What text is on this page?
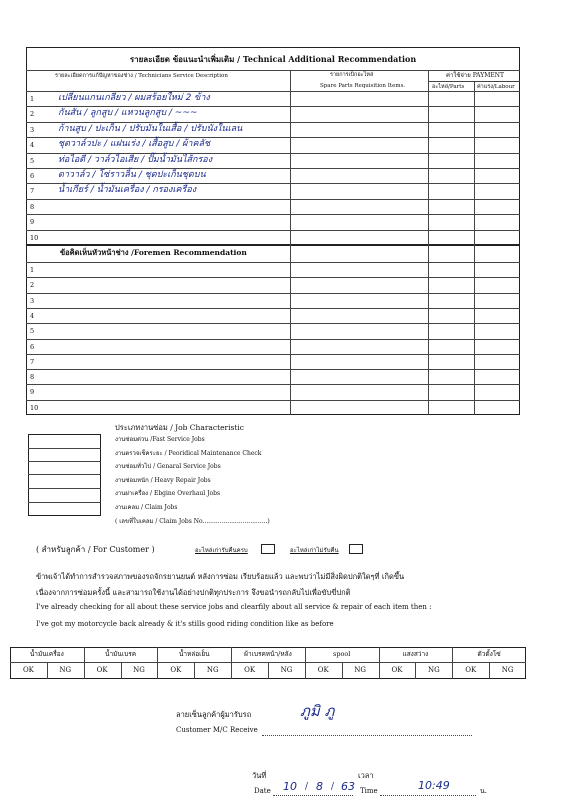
รายละเอียด ข้อแนะนำเพิ่มเติม / Technical Additional Recommendation
รายละเอียดการแก้ปัญหาของช่าง / Technicians Service Description	รายการเบิกอะไหล่
Spare Parts Requisition Items.
ค่าใช้จ่าย PAYMENT
อะไหล่/Parts ค่าแรง/Labour
1	เปลี่ยนแกนเกลียว / ผมสร้อยใหม่ 2 ข้าง
2	กันสั่น / ลูกสูบ / แหวนลูกสูบ / ~~~
3	ก้านสูบ / ปะเก็น / ปรับมันในเสื้อ / ปรับนั่งในเลน
4	ชุดวาล์วปะ / แฝนเร่ง / เสื้อสูบ / ผ้าคลัช
5	ท่อไอดี / วาล์วไอเสีย / ปั๊มน้ำมันไส้กรอง
6	ดาวาล์ว / โซ่ราวลิ้น / ชุดปะเก็นชุดบน
7	น้ำเกียร์ / น้ำมันเครื่อง / กรองเครื่อง
8
9
10
ข้อคิดเห็นหัวหน้าช่าง /Foremen Recommendation
1
2
3
4
5
6
7
8
9
10
ประเภทงานซ่อม / Job Characteristic
งานซ่อมด่วน /Fast Service Jobs
งานตรวจเช็คระยะ / Peoridical Maintenance Check
งานซ่อมทั่วไป / Genaral Service Jobs
งานซ่อมหนัก / Heavy Repair Jobs
งานผ่าเครื่อง / Ebgine Overhaul Jobs
งานเคลม / Claim Jobs
( เลขที่ใบเคลม / Claim Jobs No..................................)
( สำหรับลูกค้า / For Customer )	อะไหล่เก่ารับคืนครบ	อะไหล่เก่าไม่รับคืน
ข้าพเจ้าได้ทำการสำรวจสภาพของรถจักรยานยนต์ หลังการซ่อม เรียบร้อยแล้ว และพบว่าไม่มีสิ่งผิดปกติใดๆที่ เกิดขึ้น
เนื่องจากการซ่อมครั้งนี้ และสามารถใช้งานได้อย่างปกติทุกประการ จึงขอนำรถกลับไปเพื่อขับขี่ปกติ
I've already checking for all about these service jobs and clearfily about all service & repair of each item then :
I've got my motorcycle back already & it's stills good riding condition like as before
น้ำมันเครื่อง
OK	NG
น้ำมันเบรค
OK	NG
น้ำหล่อเย็น
OK	NG
ผ้าเบรคหน้า/หลัง
OK	NG
spool
OK	NG
แสงสว่าง
OK	NG
ตัวตั้งโซ่
OK	NG
ลายเซ็นลูกค้าผู้มารับรถ
Customer M/C Receive
ภูมิ ภู
วันที่
Date 10 / 8 / 63
เวลา
Time	10:49	น.
